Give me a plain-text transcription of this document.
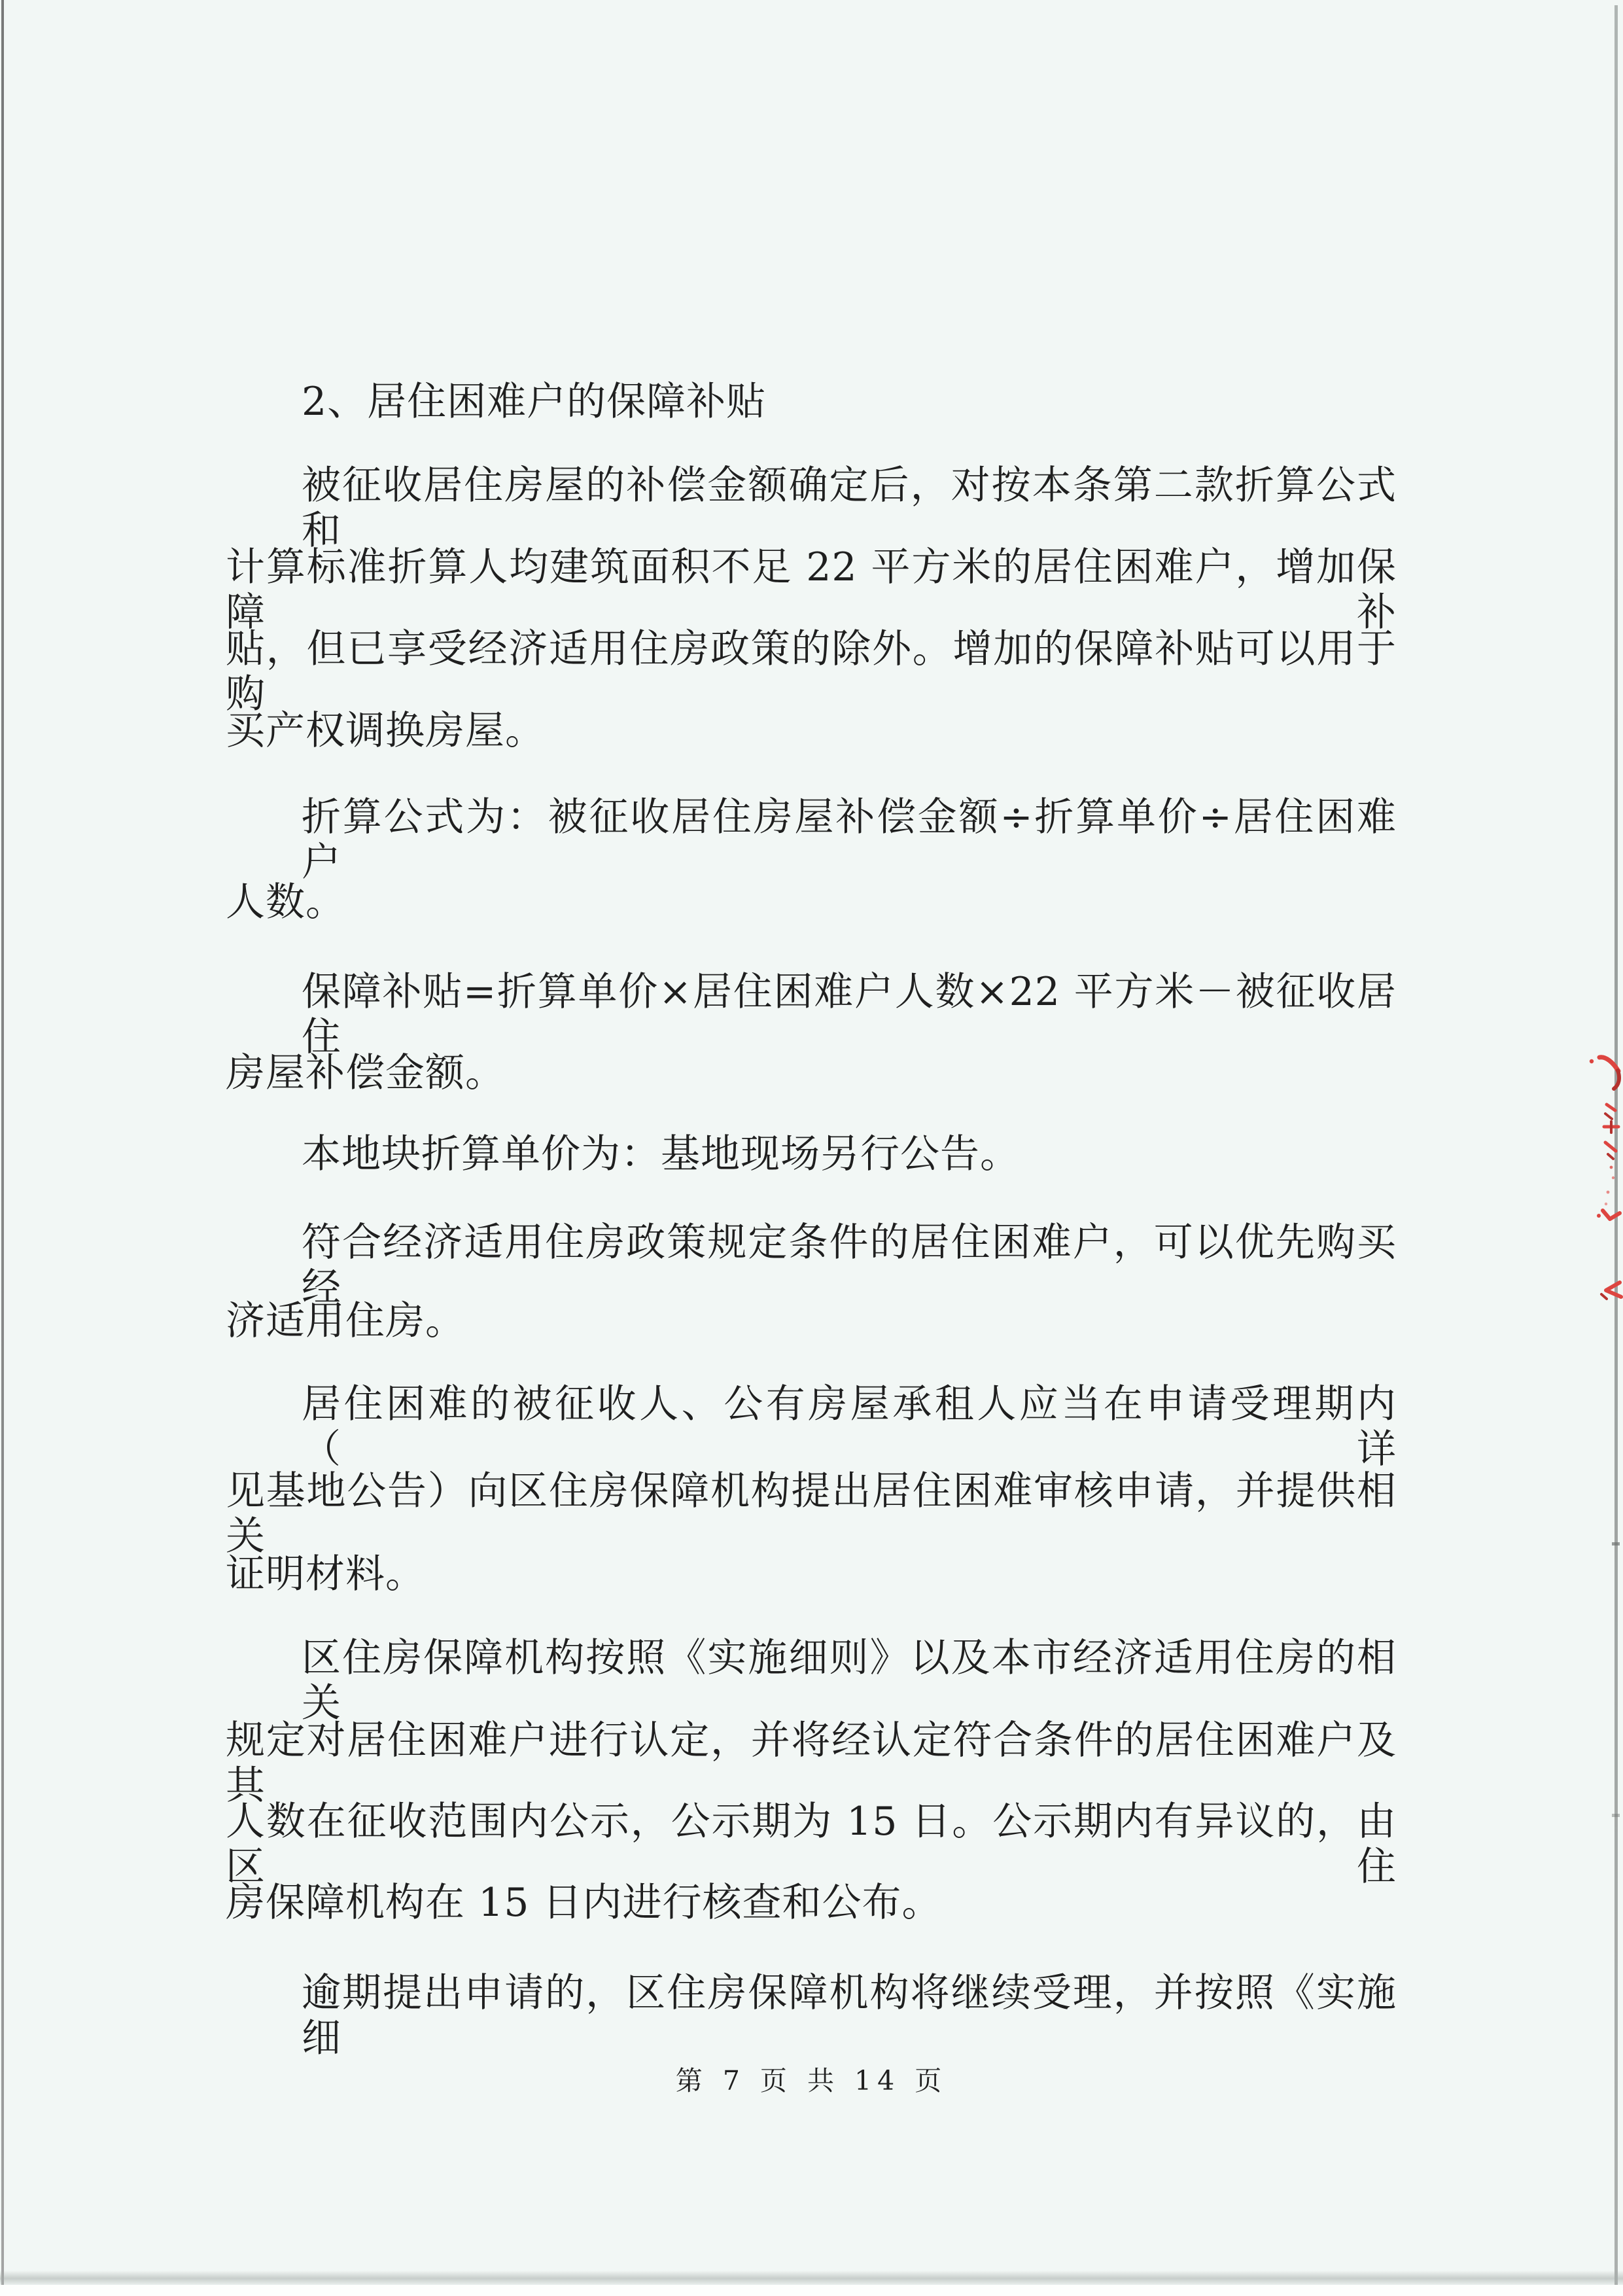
2、居住困难户的保障补贴

被征收居住房屋的补偿金额确定后，对按本条第二款折算公式和

计算标准折算人均建筑面积不足 22 平方米的居住困难户，增加保障补

贴，但已享受经济适用住房政策的除外。增加的保障补贴可以用于购

买产权调换房屋。

折算公式为：被征收居住房屋补偿金额÷折算单价÷居住困难户

人数。

保障补贴=折算单价×居住困难户人数×22 平方米－被征收居住

房屋补偿金额。

本地块折算单价为：基地现场另行公告。

符合经济适用住房政策规定条件的居住困难户，可以优先购买经

济适用住房。

居住困难的被征收人、公有房屋承租人应当在申请受理期内（详

见基地公告）向区住房保障机构提出居住困难审核申请，并提供相关

证明材料。

区住房保障机构按照《实施细则》以及本市经济适用住房的相关

规定对居住困难户进行认定，并将经认定符合条件的居住困难户及其

人数在征收范围内公示，公示期为 15 日。公示期内有异议的，由区住

房保障机构在 15 日内进行核查和公布。

逾期提出申请的，区住房保障机构将继续受理，并按照《实施细

第 7 页 共 14 页
